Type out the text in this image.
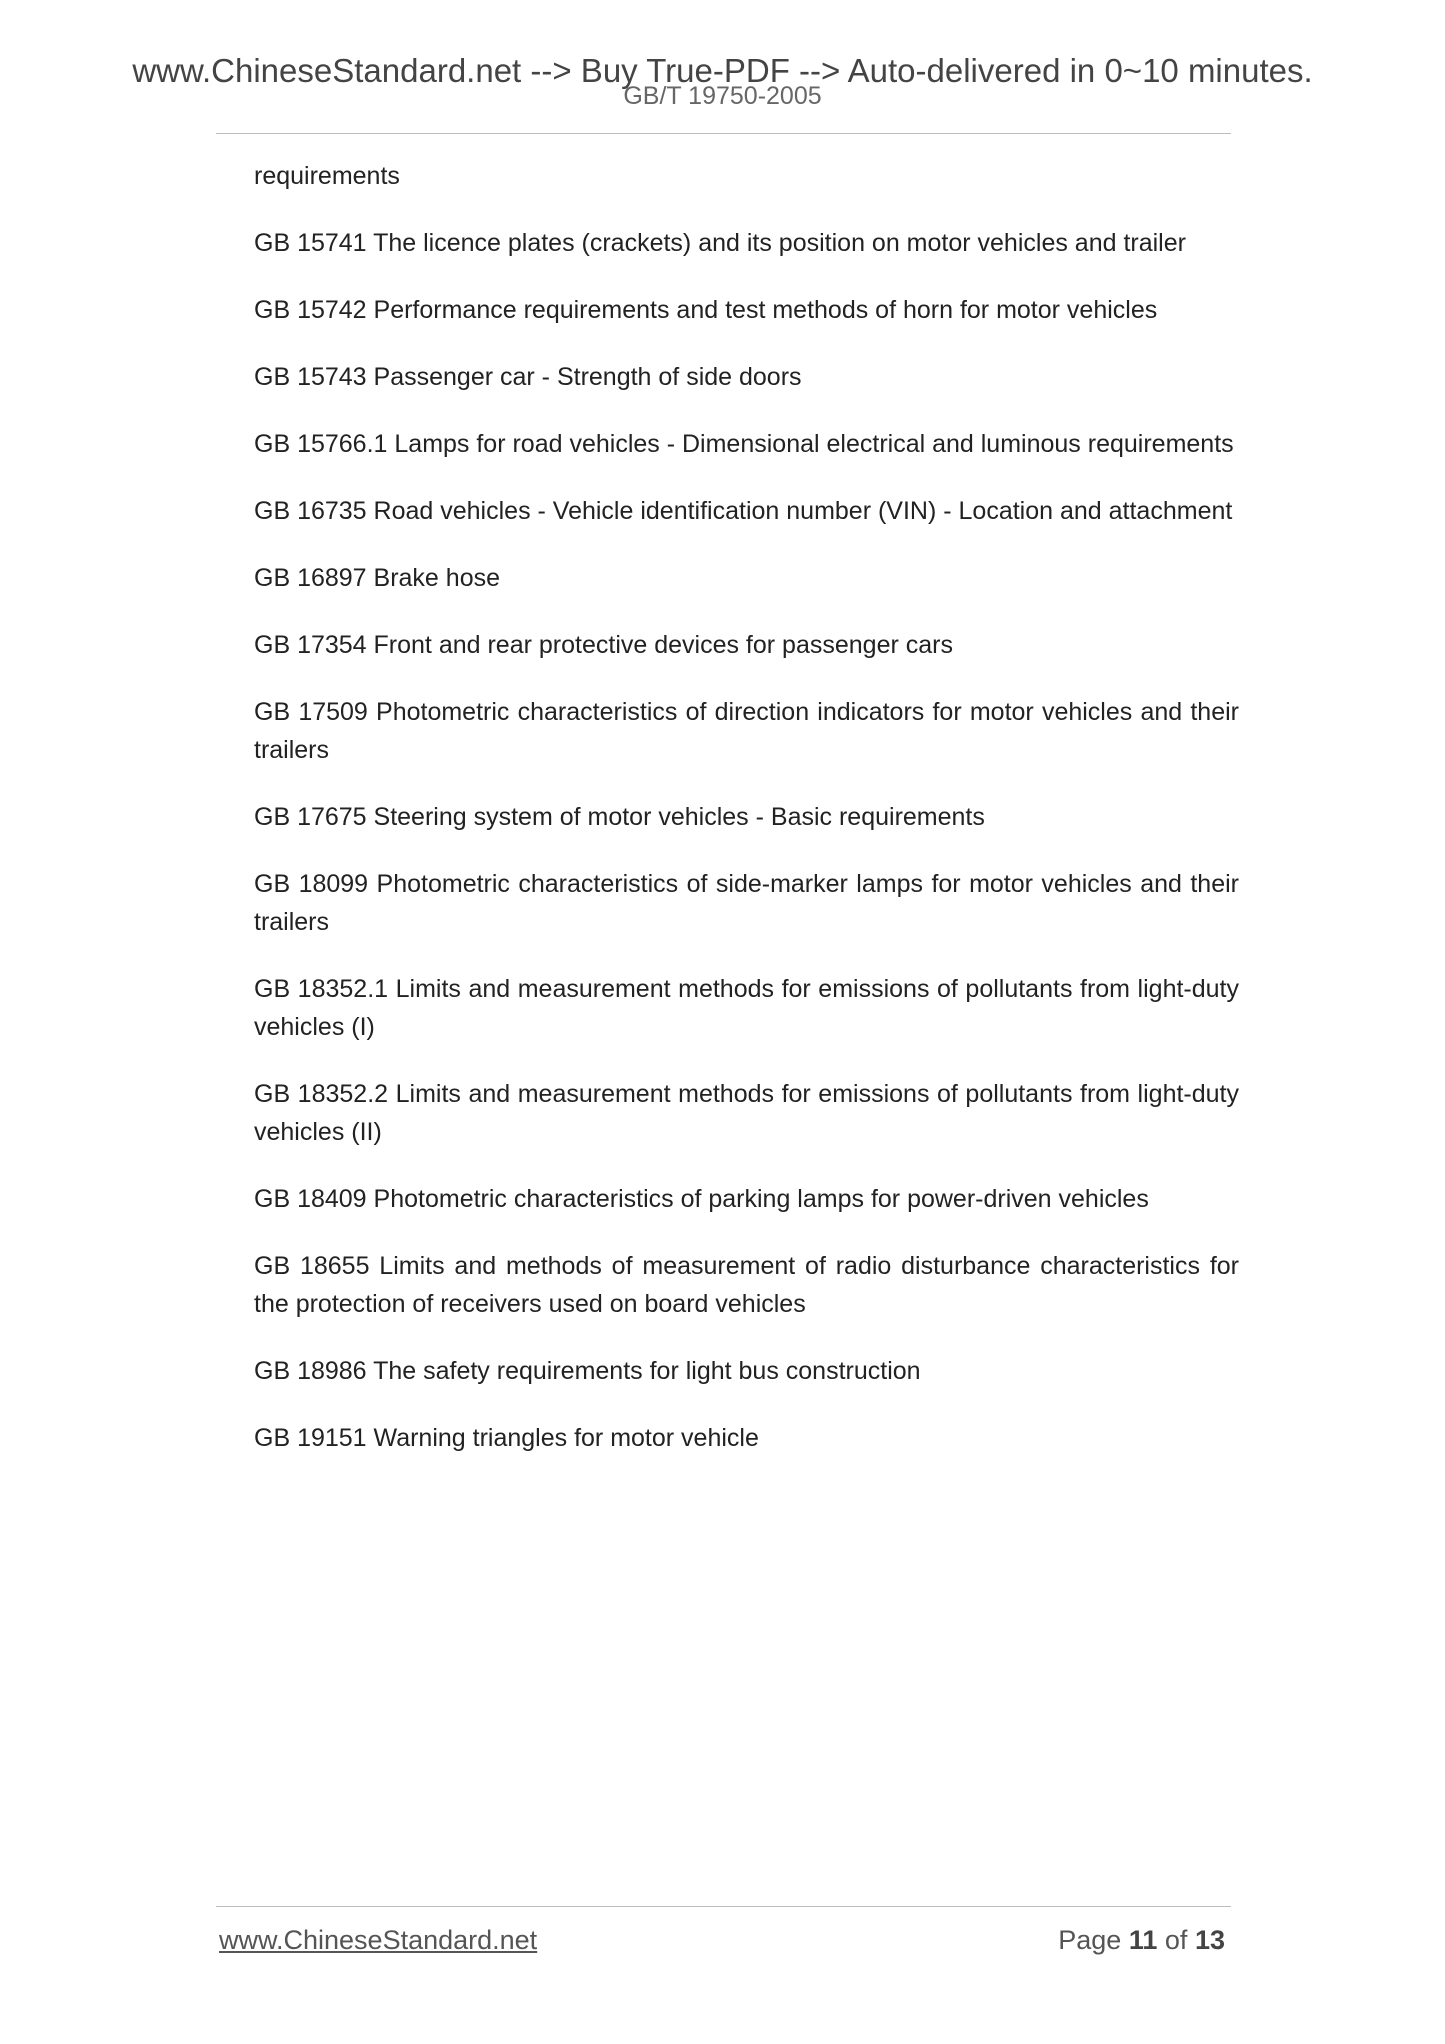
www.ChineseStandard.net --> Buy True-PDF --> Auto-delivered in 0~10 minutes.
GB/T 19750-2005

requirements

GB 15741 The licence plates (crackets) and its position on motor vehicles and trailer

GB 15742 Performance requirements and test methods of horn for motor vehicles

GB 15743 Passenger car - Strength of side doors

GB 15766.1 Lamps for road vehicles - Dimensional electrical and luminous requirements

GB 16735 Road vehicles - Vehicle identification number (VIN) - Location and attachment

GB 16897 Brake hose

GB 17354 Front and rear protective devices for passenger cars

GB 17509 Photometric characteristics of direction indicators for motor vehicles and their trailers

GB 17675 Steering system of motor vehicles - Basic requirements

GB 18099 Photometric characteristics of side-marker lamps for motor vehicles and their trailers

GB 18352.1 Limits and measurement methods for emissions of pollutants from light-duty vehicles (I)

GB 18352.2 Limits and measurement methods for emissions of pollutants from light-duty vehicles (II)

GB 18409 Photometric characteristics of parking lamps for power-driven vehicles

GB 18655 Limits and methods of measurement of radio disturbance characteristics for the protection of receivers used on board vehicles

GB 18986 The safety requirements for light bus construction

GB 19151 Warning triangles for motor vehicle

www.ChineseStandard.net	Page 11 of 13
